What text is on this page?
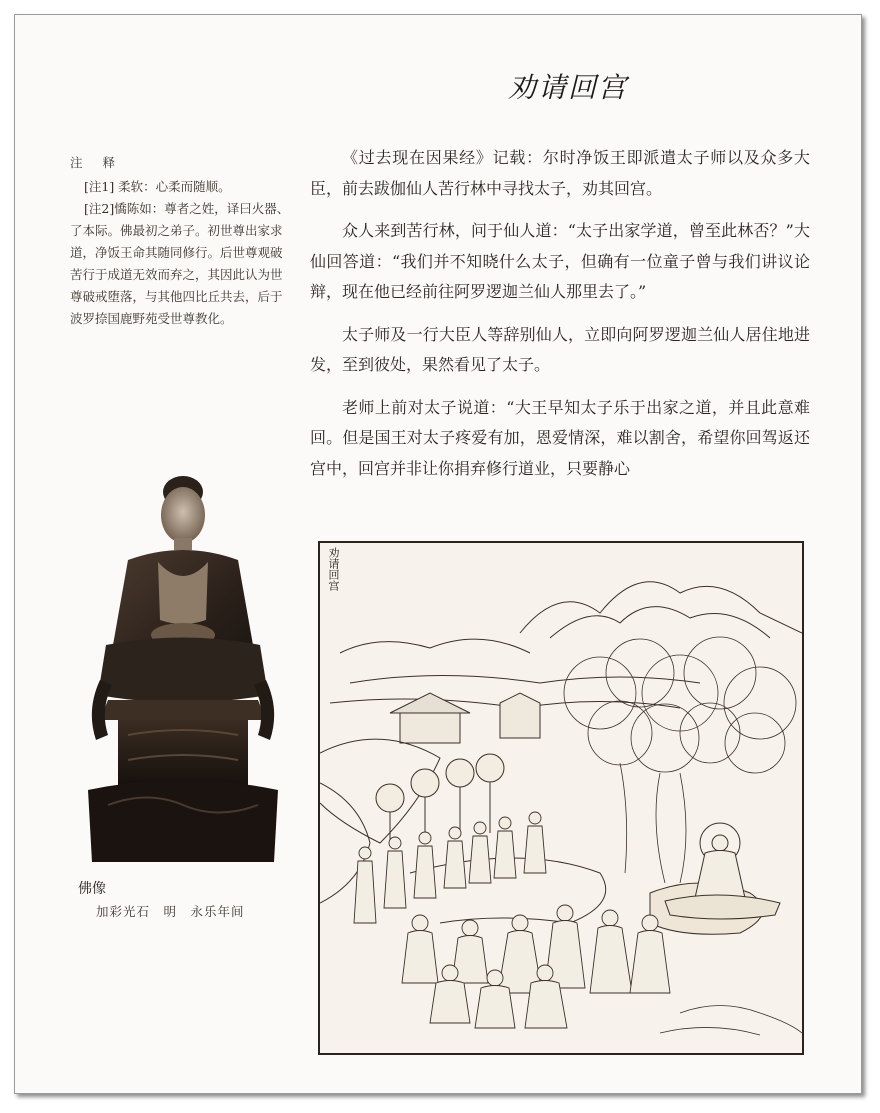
劝请回宫
注 释
[注1] 柔软：心柔而随顺。
[注2]憍陈如：尊者之姓，译曰火器、了本际。佛最初之弟子。初世尊出家求道，净饭王命其随同修行。后世尊观破苦行于成道无效而弃之，其因此认为世尊破戒堕落，与其他四比丘共去，后于波罗捺国鹿野苑受世尊教化。

《过去现在因果经》记载：尔时净饭王即派遣太子师以及众多大臣，前去跋伽仙人苦行林中寻找太子，劝其回宫。

众人来到苦行林，问于仙人道：“太子出家学道，曾至此林否？”大仙回答道：“我们并不知晓什么太子，但确有一位童子曾与我们讲议论辩，现在他已经前往阿罗逻迦兰仙人那里去了。”

太子师及一行大臣人等辞别仙人，立即向阿罗逻迦兰仙人居住地进发，至到彼处，果然看见了太子。

老师上前对太子说道：“大王早知太子乐于出家之道，并且此意难回。但是国王对太子疼爱有加，恩爱情深，难以割舍，希望你回驾返还宫中，回宫并非让你捐弃修行道业，只要静心

佛像
加彩光石　明　永乐年间
劝请回宫
